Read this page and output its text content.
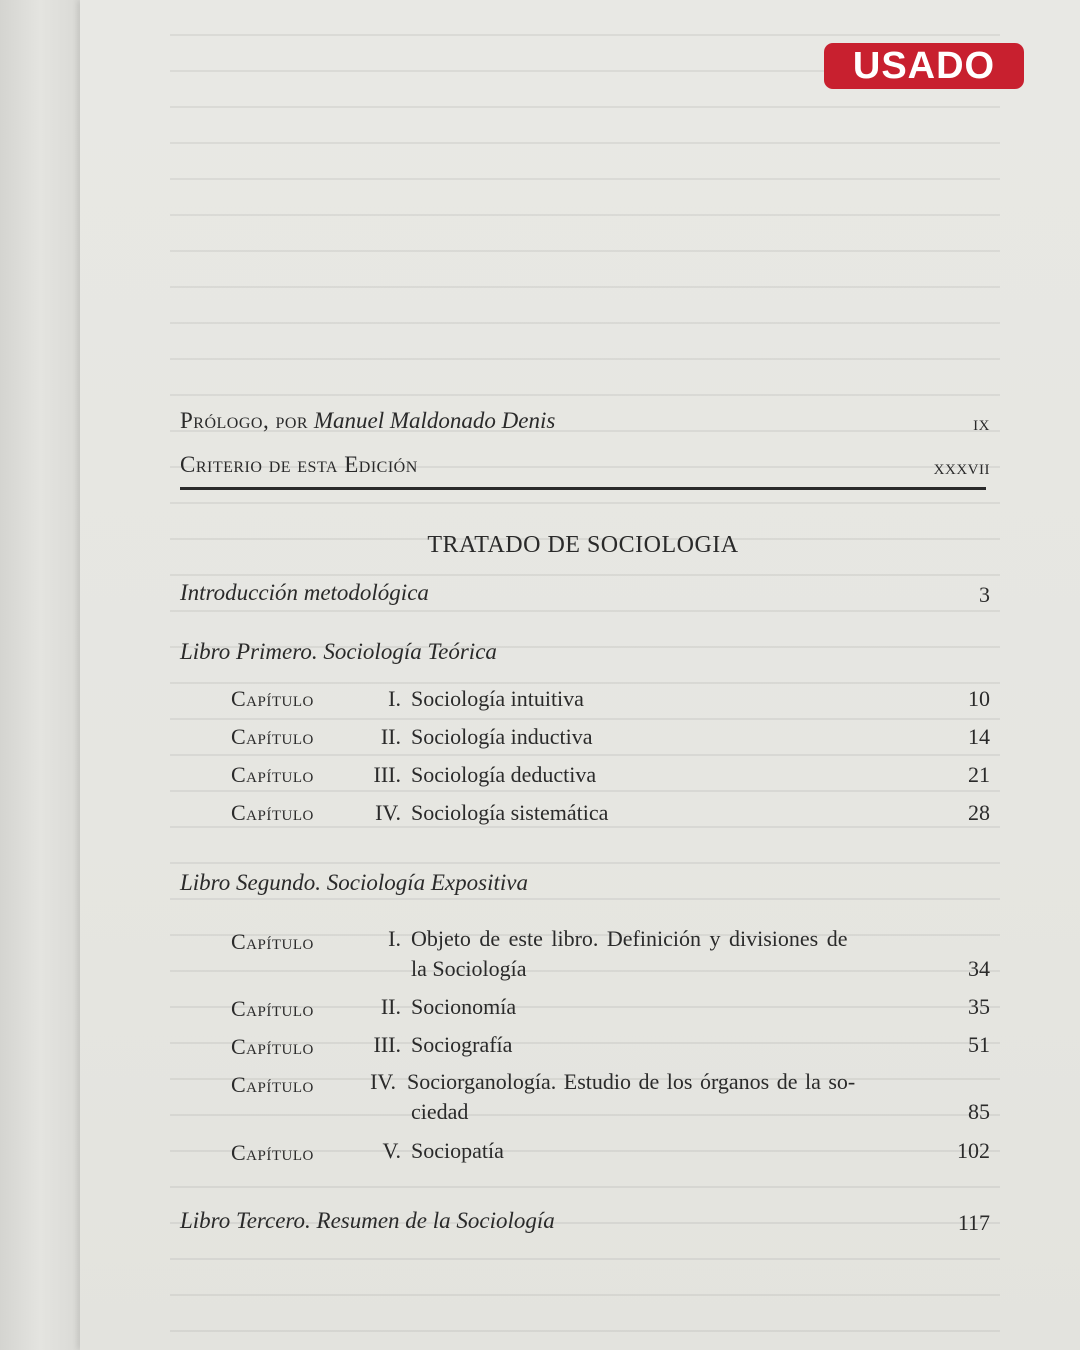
USADO
Prólogo, por Manuel Maldonado Denis	ix
Criterio de esta Edición	xxxvii
TRATADO DE SOCIOLOGIA
Introducción metodológica	3
Libro Primero. Sociología Teórica
Capítulo	I. Sociología intuitiva	10
Capítulo	II. Sociología inductiva	14
Capítulo	III. Sociología deductiva	21
Capítulo	IV. Sociología sistemática	28
Libro Segundo. Sociología Expositiva
Capítulo	I. Objeto de este libro. Definición y divisiones de
la Sociología	34
Capítulo	II. Socionomía	35
Capítulo	III. Sociografía	51
Capítulo	IV. Sociorganología. Estudio de los órganos de la so-
ciedad	85
Capítulo	V. Sociopatía	102
Libro Tercero. Resumen de la Sociología	117
